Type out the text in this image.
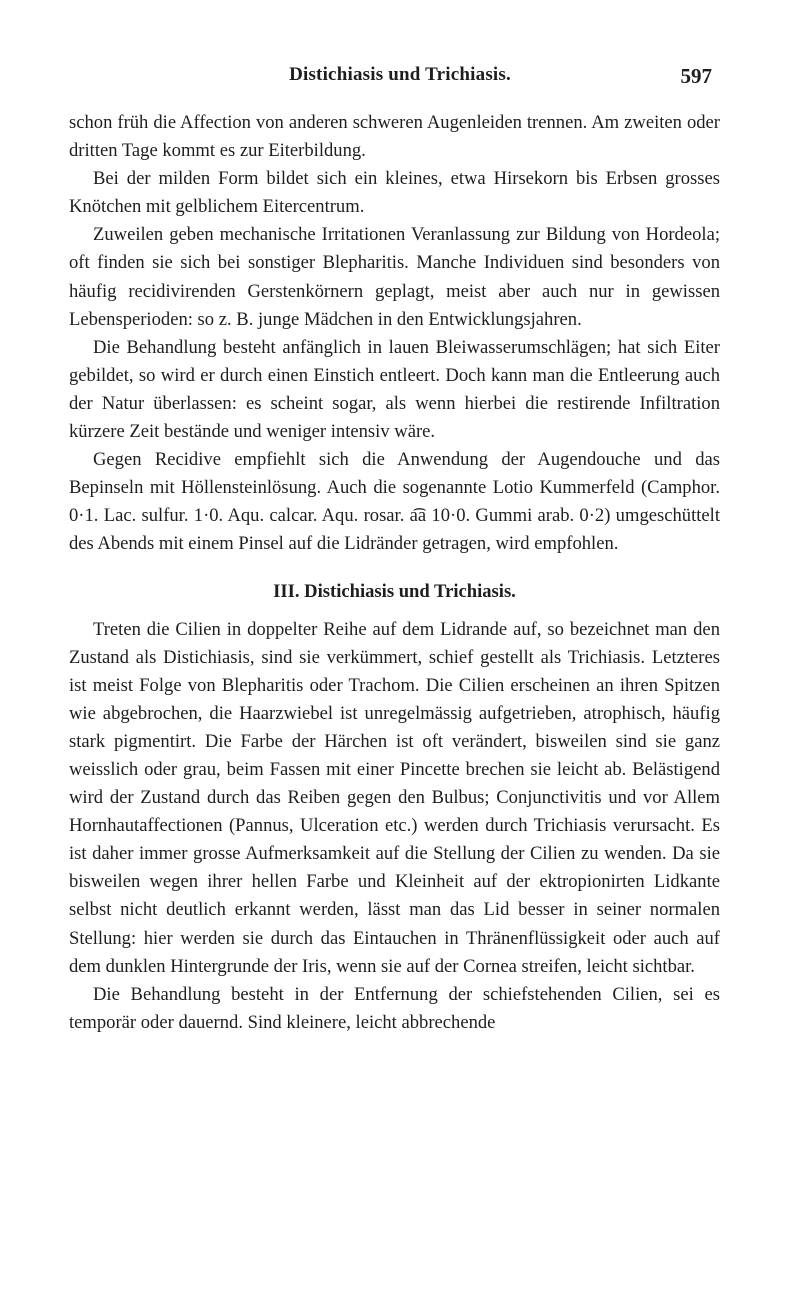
Distichiasis und Trichiasis.	597

schon früh die Affection von anderen schweren Augenleiden trennen. Am zweiten oder dritten Tage kommt es zur Eiterbildung.

Bei der milden Form bildet sich ein kleines, etwa Hirsekorn bis Erbsen grosses Knötchen mit gelblichem Eitercentrum.

Zuweilen geben mechanische Irritationen Veranlassung zur Bildung von Hordeola; oft finden sie sich bei sonstiger Blepharitis. Manche Individuen sind besonders von häufig recidivirenden Gerstenkörnern geplagt, meist aber auch nur in gewissen Lebensperioden: so z. B. junge Mädchen in den Entwicklungsjahren.

Die Behandlung besteht anfänglich in lauen Bleiwasserumschlägen; hat sich Eiter gebildet, so wird er durch einen Einstich entleert. Doch kann man die Entleerung auch der Natur überlassen: es scheint sogar, als wenn hierbei die restirende Infiltration kürzere Zeit bestände und weniger intensiv wäre.

Gegen Recidive empfiehlt sich die Anwendung der Augendouche und das Bepinseln mit Höllensteinlösung. Auch die sogenannte Lotio Kummerfeld (Camphor. 0·1. Lac. sulfur. 1·0. Aqu. calcar. Aqu. rosar. a͡a 10·0. Gummi arab. 0·2) umgeschüttelt des Abends mit einem Pinsel auf die Lidränder getragen, wird empfohlen.

III. Distichiasis und Trichiasis.

Treten die Cilien in doppelter Reihe auf dem Lidrande auf, so bezeichnet man den Zustand als Distichiasis, sind sie verkümmert, schief gestellt als Trichiasis. Letzteres ist meist Folge von Blepharitis oder Trachom. Die Cilien erscheinen an ihren Spitzen wie abgebrochen, die Haarzwiebel ist unregelmässig aufgetrieben, atrophisch, häufig stark pigmentirt. Die Farbe der Härchen ist oft verändert, bisweilen sind sie ganz weisslich oder grau, beim Fassen mit einer Pincette brechen sie leicht ab. Belästigend wird der Zustand durch das Reiben gegen den Bulbus; Conjunctivitis und vor Allem Hornhautaffectionen (Pannus, Ulceration etc.) werden durch Trichiasis verursacht. Es ist daher immer grosse Aufmerksamkeit auf die Stellung der Cilien zu wenden. Da sie bisweilen wegen ihrer hellen Farbe und Kleinheit auf der ektropionirten Lidkante selbst nicht deutlich erkannt werden, lässt man das Lid besser in seiner normalen Stellung: hier werden sie durch das Eintauchen in Thränenflüssigkeit oder auch auf dem dunklen Hintergrunde der Iris, wenn sie auf der Cornea streifen, leicht sichtbar.

Die Behandlung besteht in der Entfernung der schiefstehenden Cilien, sei es temporär oder dauernd. Sind kleinere, leicht abbrechende
